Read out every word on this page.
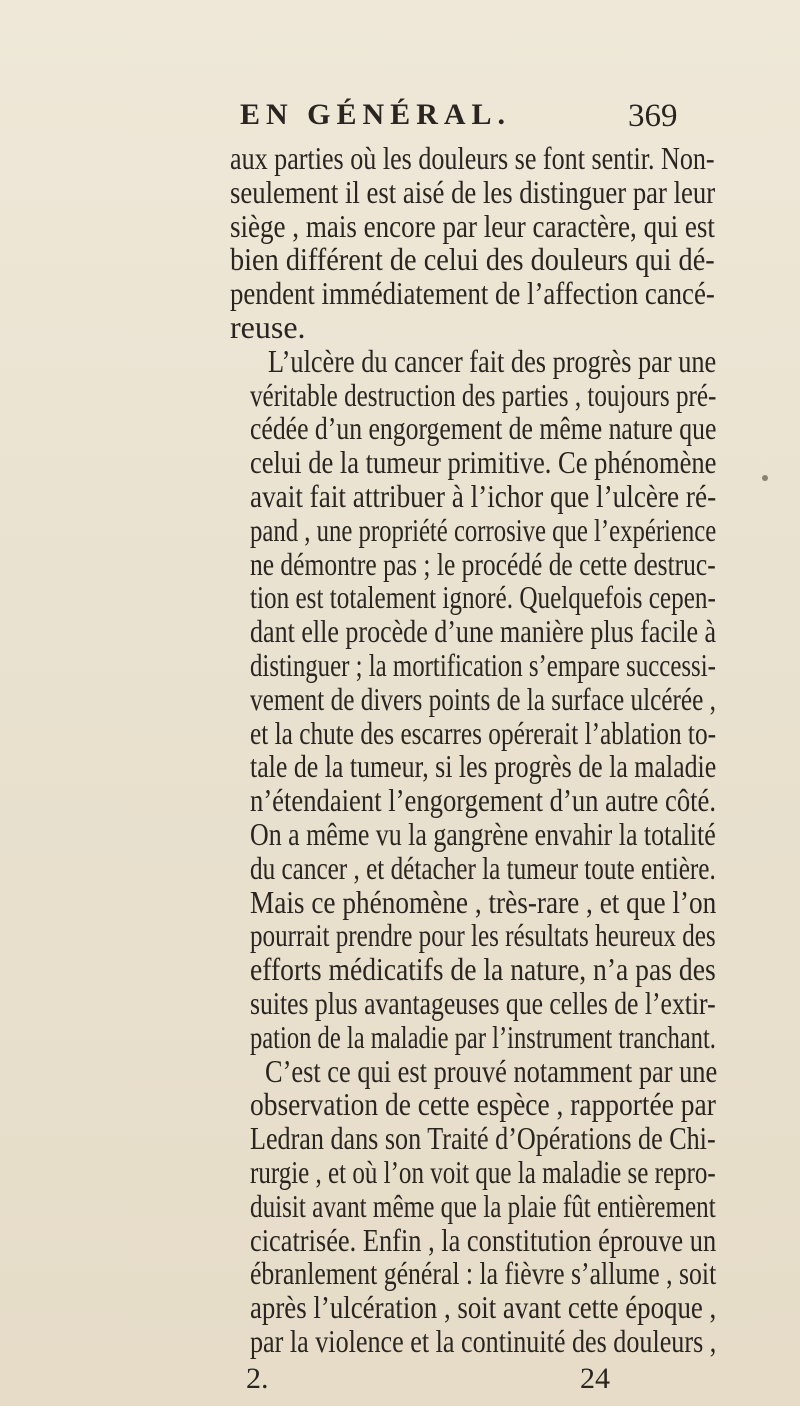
EN GÉNÉRAL.	369
aux parties où les douleurs se font sentir. Non-
seulement il est aisé de les distinguer par leur
siège , mais encore par leur caractère, qui est
bien différent de celui des douleurs qui dé-
pendent immédiatement de l’affection cancé-
reuse.
L’ulcère du cancer fait des progrès par une
véritable destruction des parties , toujours pré-
cédée d’un engorgement de même nature que
celui de la tumeur primitive. Ce phénomène
avait fait attribuer à l’ichor que l’ulcère ré-
pand , une propriété corrosive que l’expérience
ne démontre pas ; le procédé de cette destruc-
tion est totalement ignoré. Quelquefois cepen-
dant elle procède d’une manière plus facile à
distinguer ; la mortification s’empare successi-
vement de divers points de la surface ulcérée ,
et la chute des escarres opérerait l’ablation to-
tale de la tumeur, si les progrès de la maladie
n’étendaient l’engorgement d’un autre côté.
On a même vu la gangrène envahir la totalité
du cancer , et détacher la tumeur toute entière.
Mais ce phénomène , très-rare , et que l’on
pourrait prendre pour les résultats heureux des
efforts médicatifs de la nature, n’a pas des
suites plus avantageuses que celles de l’extir-
pation de la maladie par l’instrument tranchant.
C’est ce qui est prouvé notamment par une
observation de cette espèce , rapportée par
Ledran dans son Traité d’Opérations de Chi-
rurgie , et où l’on voit que la maladie se repro-
duisit avant même que la plaie fût entièrement
cicatrisée. Enfin , la constitution éprouve un
ébranlement général : la fièvre s’allume , soit
après l’ulcération , soit avant cette époque ,
par la violence et la continuité des douleurs ,
2.	24
